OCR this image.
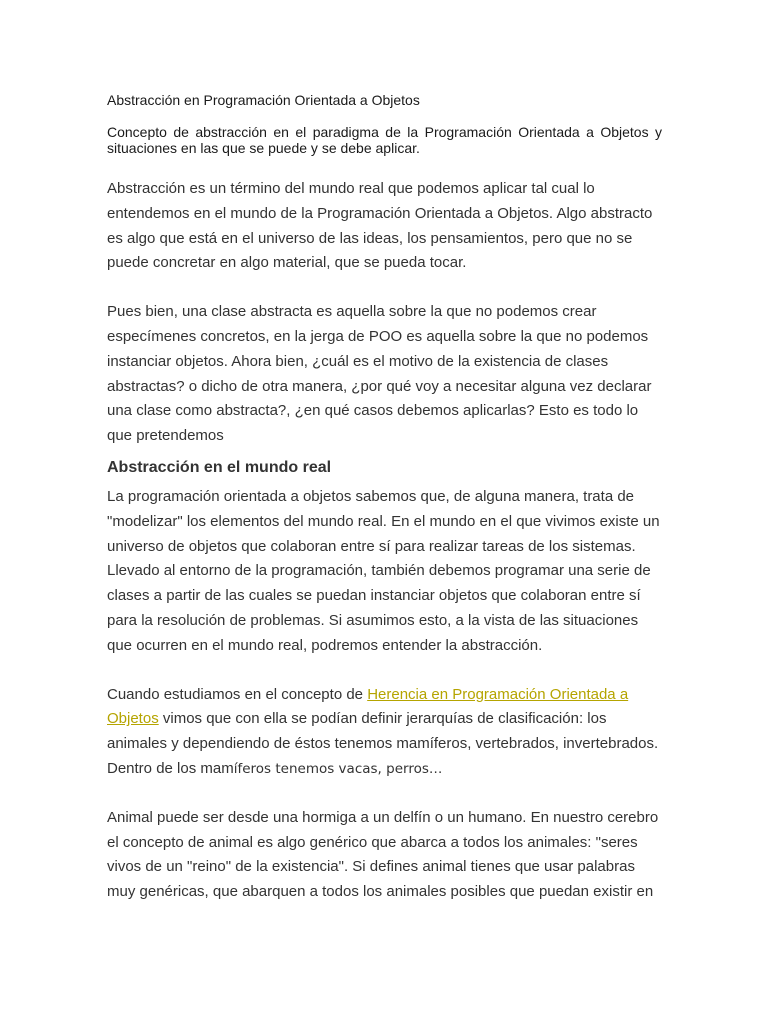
Abstracción en Programación Orientada a Objetos
Concepto de abstracción en el paradigma de la Programación Orientada a Objetos y situaciones en las que se puede y se debe aplicar.

Abstracción es un término del mundo real que podemos aplicar tal cual lo entendemos en el mundo de la Programación Orientada a Objetos. Algo abstracto es algo que está en el universo de las ideas, los pensamientos, pero que no se puede concretar en algo material, que se pueda tocar.

Pues bien, una clase abstracta es aquella sobre la que no podemos crear especímenes concretos, en la jerga de POO es aquella sobre la que no podemos instanciar objetos. Ahora bien, ¿cuál es el motivo de la existencia de clases abstractas? o dicho de otra manera, ¿por qué voy a necesitar alguna vez declarar una clase como abstracta?, ¿en qué casos debemos aplicarlas? Esto es todo lo que pretendemos

Abstracción en el mundo real

La programación orientada a objetos sabemos que, de alguna manera, trata de "modelizar" los elementos del mundo real. En el mundo en el que vivimos existe un universo de objetos que colaboran entre sí para realizar tareas de los sistemas. Llevado al entorno de la programación, también debemos programar una serie de clases a partir de las cuales se puedan instanciar objetos que colaboran entre sí para la resolución de problemas. Si asumimos esto, a la vista de las situaciones que ocurren en el mundo real, podremos entender la abstracción.

Cuando estudiamos en el concepto de Herencia en Programación Orientada a Objetos vimos que con ella se podían definir jerarquías de clasificación: los animales y dependiendo de éstos tenemos mamíferos, vertebrados, invertebrados. Dentro de los mamíferos tenemos vacas, perros…

Animal puede ser desde una hormiga a un delfín o un humano. En nuestro cerebro el concepto de animal es algo genérico que abarca a todos los animales: "seres vivos de un "reino" de la existencia". Si defines animal tienes que usar palabras muy genéricas, que abarquen a todos los animales posibles que puedan existir en
